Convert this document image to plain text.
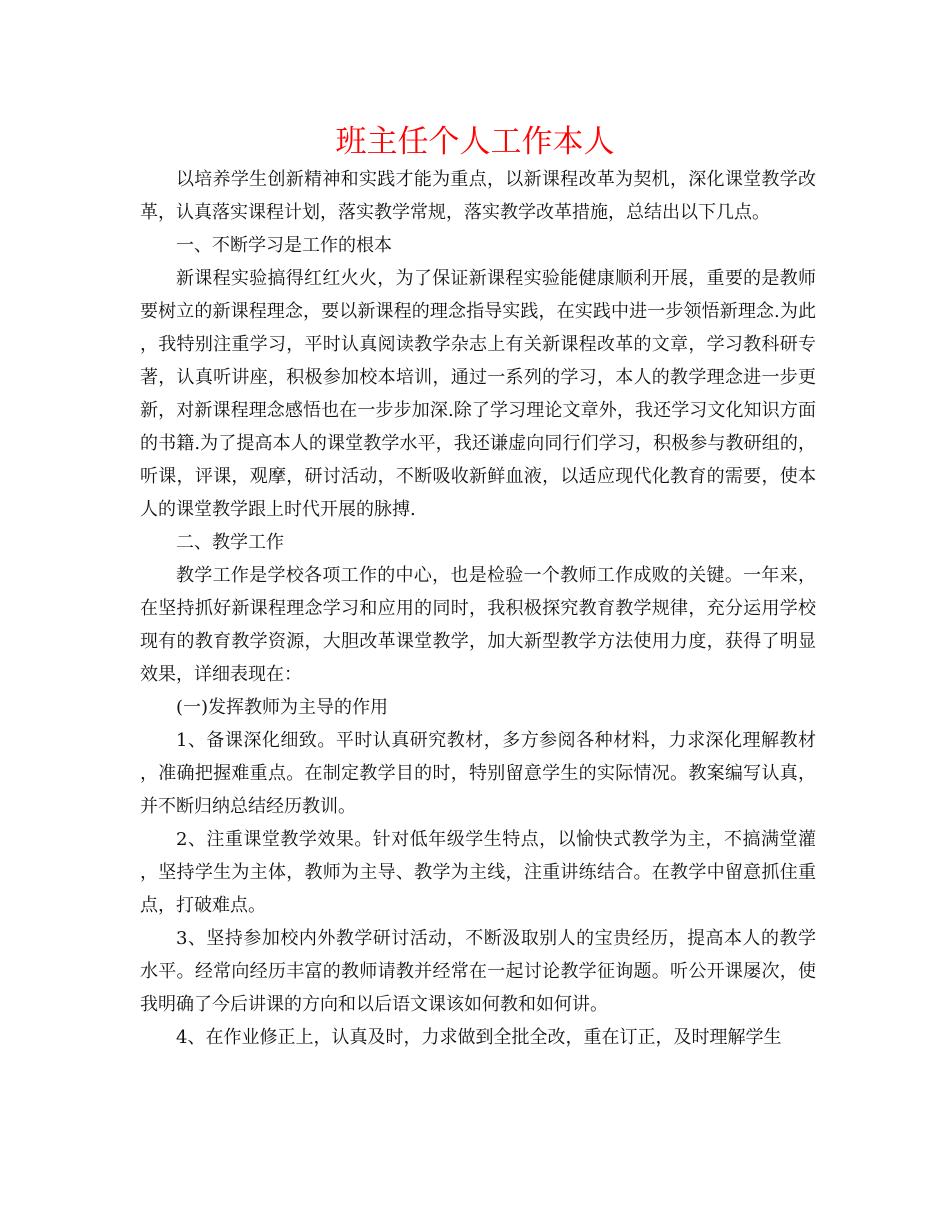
班主任个人工作本人

以培养学生创新精神和实践才能为重点，以新课程改革为契机，深化课堂教学改革，认真落实课程计划，落实教学常规，落实教学改革措施，总结出以下几点。

一、不断学习是工作的根本

新课程实验搞得红红火火，为了保证新课程实验能健康顺利开展，重要的是教师要树立的新课程理念，要以新课程的理念指导实践，在实践中进一步领悟新理念.为此，我特别注重学习，平时认真阅读教学杂志上有关新课程改革的文章，学习教科研专著，认真听讲座，积极参加校本培训，通过一系列的学习，本人的教学理念进一步更新，对新课程理念感悟也在一步步加深.除了学习理论文章外，我还学习文化知识方面的书籍.为了提高本人的课堂教学水平，我还谦虚向同行们学习，积极参与教研组的，听课，评课，观摩，研讨活动，不断吸收新鲜血液，以适应现代化教育的需要，使本人的课堂教学跟上时代开展的脉搏.

二、教学工作

教学工作是学校各项工作的中心，也是检验一个教师工作成败的关键。一年来，在坚持抓好新课程理念学习和应用的同时，我积极探究教育教学规律，充分运用学校现有的教育教学资源，大胆改革课堂教学，加大新型教学方法使用力度，获得了明显效果，详细表现在：

(一)发挥教师为主导的作用

1、备课深化细致。平时认真研究教材，多方参阅各种材料，力求深化理解教材，准确把握难重点。在制定教学目的时，特别留意学生的实际情况。教案编写认真，并不断归纳总结经历教训。

2、注重课堂教学效果。针对低年级学生特点，以愉快式教学为主，不搞满堂灌，坚持学生为主体，教师为主导、教学为主线，注重讲练结合。在教学中留意抓住重点，打破难点。

3、坚持参加校内外教学研讨活动，不断汲取别人的宝贵经历，提高本人的教学水平。经常向经历丰富的教师请教并经常在一起讨论教学征询题。听公开课屡次，使我明确了今后讲课的方向和以后语文课该如何教和如何讲。

4、在作业修正上，认真及时，力求做到全批全改，重在订正，及时理解学生
